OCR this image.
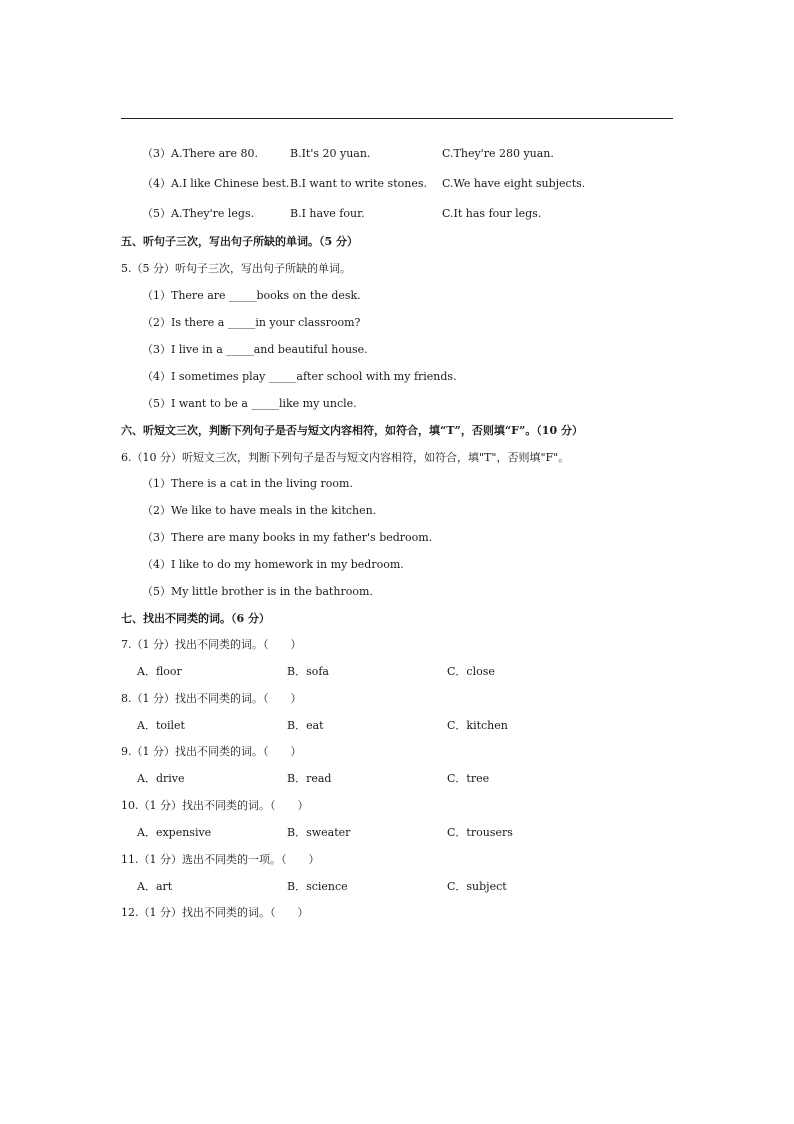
（3）A.There are 80.	B.It's 20 yuan.	C.They're 280 yuan.
（4）A.I like Chinese best. B.I want to write stones. C.We have eight subjects.
（5）A.They're legs.	B.I have four.	C.It has four legs.
五、听句子三次，写出句子所缺的单词。（5 分）
5.（5 分）听句子三次，写出句子所缺的单词。
（1）There are _____books on the desk.
（2）Is there a _____in your classroom?
（3）I live in a _____and beautiful house.
（4）I sometimes play _____after school with my friends.
（5）I want to be a _____like my uncle.
六、听短文三次，判断下列句子是否与短文内容相符，如符合，填“T”，否则填“F”。（10 分）
6.（10 分）听短文三次，判断下列句子是否与短文内容相符，如符合，填"T"，否则填"F"。
（1）There is a cat in the living room.
（2）We like to have meals in the kitchen.
（3）There are many books in my father's bedroom.
（4）I like to do my homework in my bedroom.
（5）My little brother is in the bathroom.
七、找出不同类的词。（6 分）
7.（1 分）找出不同类的词。（　　）
A．floor	B．sofa	C．close
8.（1 分）找出不同类的词。（　　）
A．toilet	B．eat	C．kitchen
9.（1 分）找出不同类的词。（　　）
A．drive	B．read	C．tree
10.（1 分）找出不同类的词。（　　）
A．expensive	B．sweater	C．trousers
11.（1 分）选出不同类的一项。（　　）
A．art	B．science	C．subject
12.（1 分）找出不同类的词。（　　）
